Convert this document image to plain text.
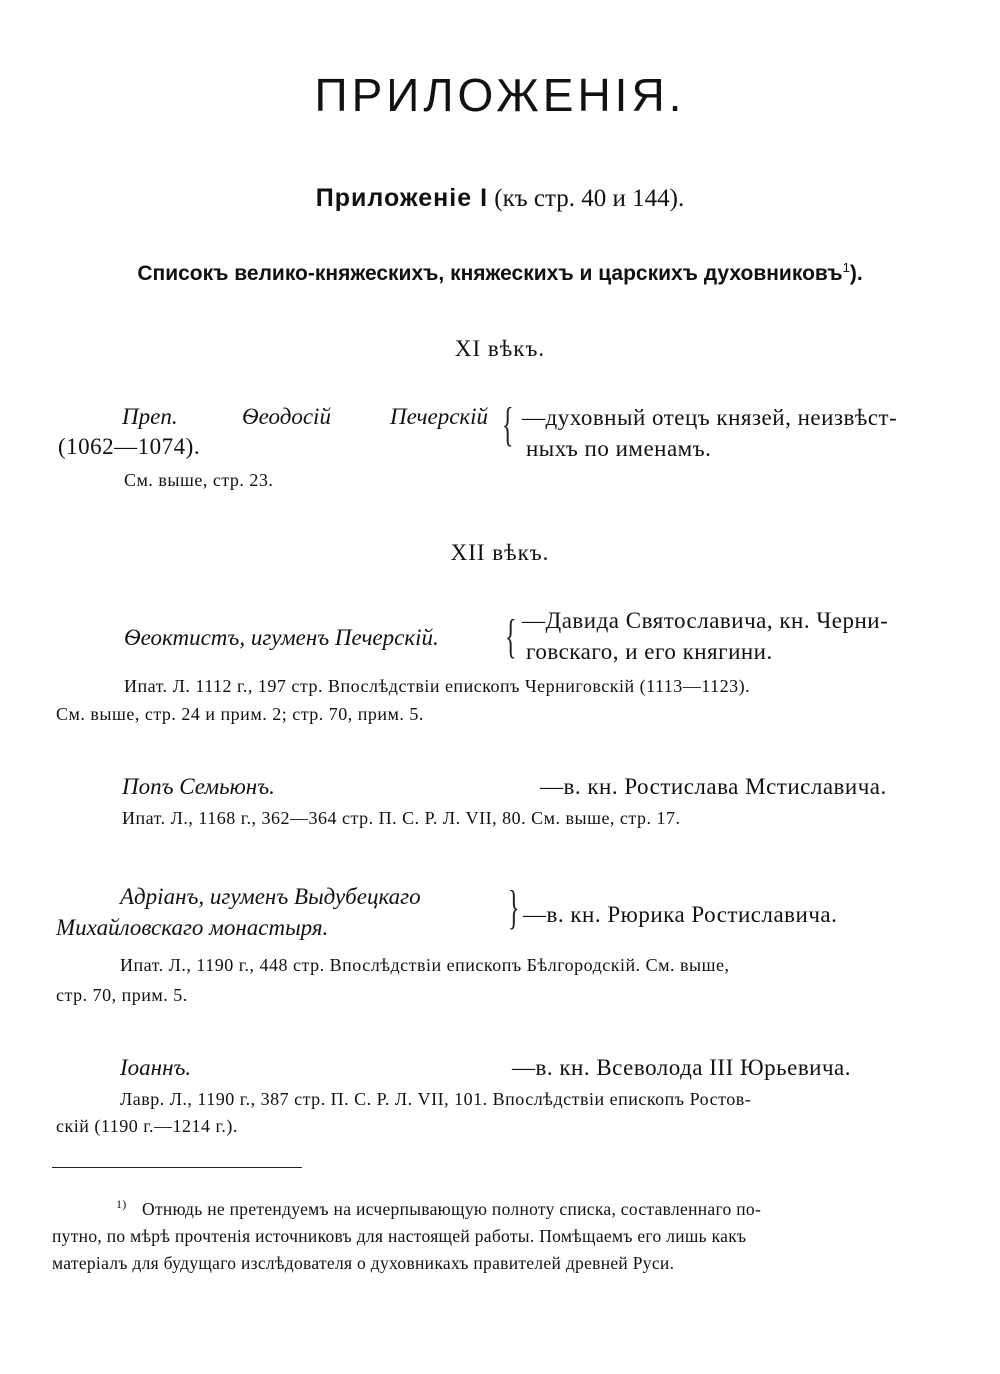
ПРИЛОЖЕНІЯ.
Приложеніе I (къ стр. 40 и 144).
Списокъ велико-княжескихъ, княжескихъ и царскихъ духовниковъ$^1$).
XI вѣкъ.
Преп.	Ѳеодосій	Печерскій
(1062—1074).	{ —духовный отецъ князей, неизвѣст-
ныхъ по именамъ.
См. выше, стр. 23.
XII вѣкъ.
Ѳеоктистъ, игуменъ Печерскій. { —Давида Святославича, кн. Черни-
говскаго, и его княгини.
Ипат. Л. 1112 г., 197 стр. Впослѣдствіи епископъ Черниговскій (1113—1123).
См. выше, стр. 24 и прим. 2; стр. 70, прим. 5.
Попъ Семьюнъ.	—в. кн. Ростислава Мстиславича.
Ипат. Л., 1168 г., 362—364 стр. П. С. Р. Л. VII, 80. См. выше, стр. 17.
Адріанъ, игуменъ Выдубецкаго
Михайловскаго монастыря.	} —в. кн. Рюрика Ростиславича.
Ипат. Л., 1190 г., 448 стр. Впослѣдствіи епископъ Бѣлгородскій. См. выше,
стр. 70, прим. 5.
Іоаннъ.	—в. кн. Всеволода III Юрьевича.
Лавр. Л., 1190 г., 387 стр. П. С. Р. Л. VII, 101. Впослѣдствіи епископъ Ростов-
скій (1190 г.—1214 г.).
$^{1)}$ Отнюдь не претендуемъ на исчерпывающую полноту списка, составленнаго по-
путно, по мѣрѣ прочтенія источниковъ для настоящей работы. Помѣщаемъ его лишь какъ
матеріалъ для будущаго изслѣдователя о духовникахъ правителей древней Руси.
